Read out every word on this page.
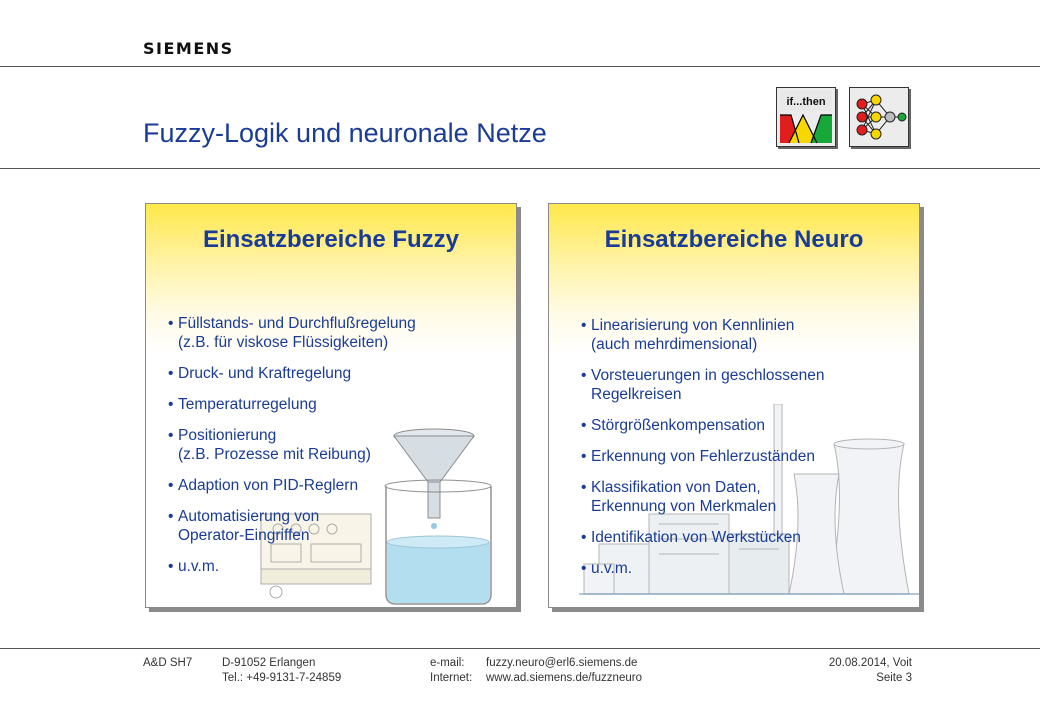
SIEMENS
if...then
Fuzzy-Logik und neuronale Netze
Einsatzbereiche Fuzzy
• Füllstands- und Durchflußregelung
(z.B. für viskose Flüssigkeiten)
• Druck- und Kraftregelung
• Temperaturregelung
• Positionierung
(z.B. Prozesse mit Reibung)
• Adaption von PID-Reglern
• Automatisierung von
Operator-Eingriffen
• u.v.m.
Einsatzbereiche Neuro
• Linearisierung von Kennlinien
(auch mehrdimensional)
• Vorsteuerungen in geschlossenen
Regelkreisen
• Störgrößenkompensation
• Erkennung von Fehlerzuständen
• Klassifikation von Daten,
Erkennung von Merkmalen
• Identifikation von Werkstücken
• u.v.m.
A&D SH7	D-91052 Erlangen
Tel.: +49-9131-7-24859
e-mail:
Internet:
fuzzy.neuro@erl6.siemens.de
www.ad.siemens.de/fuzzneuro
20.08.2014, Voit
Seite 3
